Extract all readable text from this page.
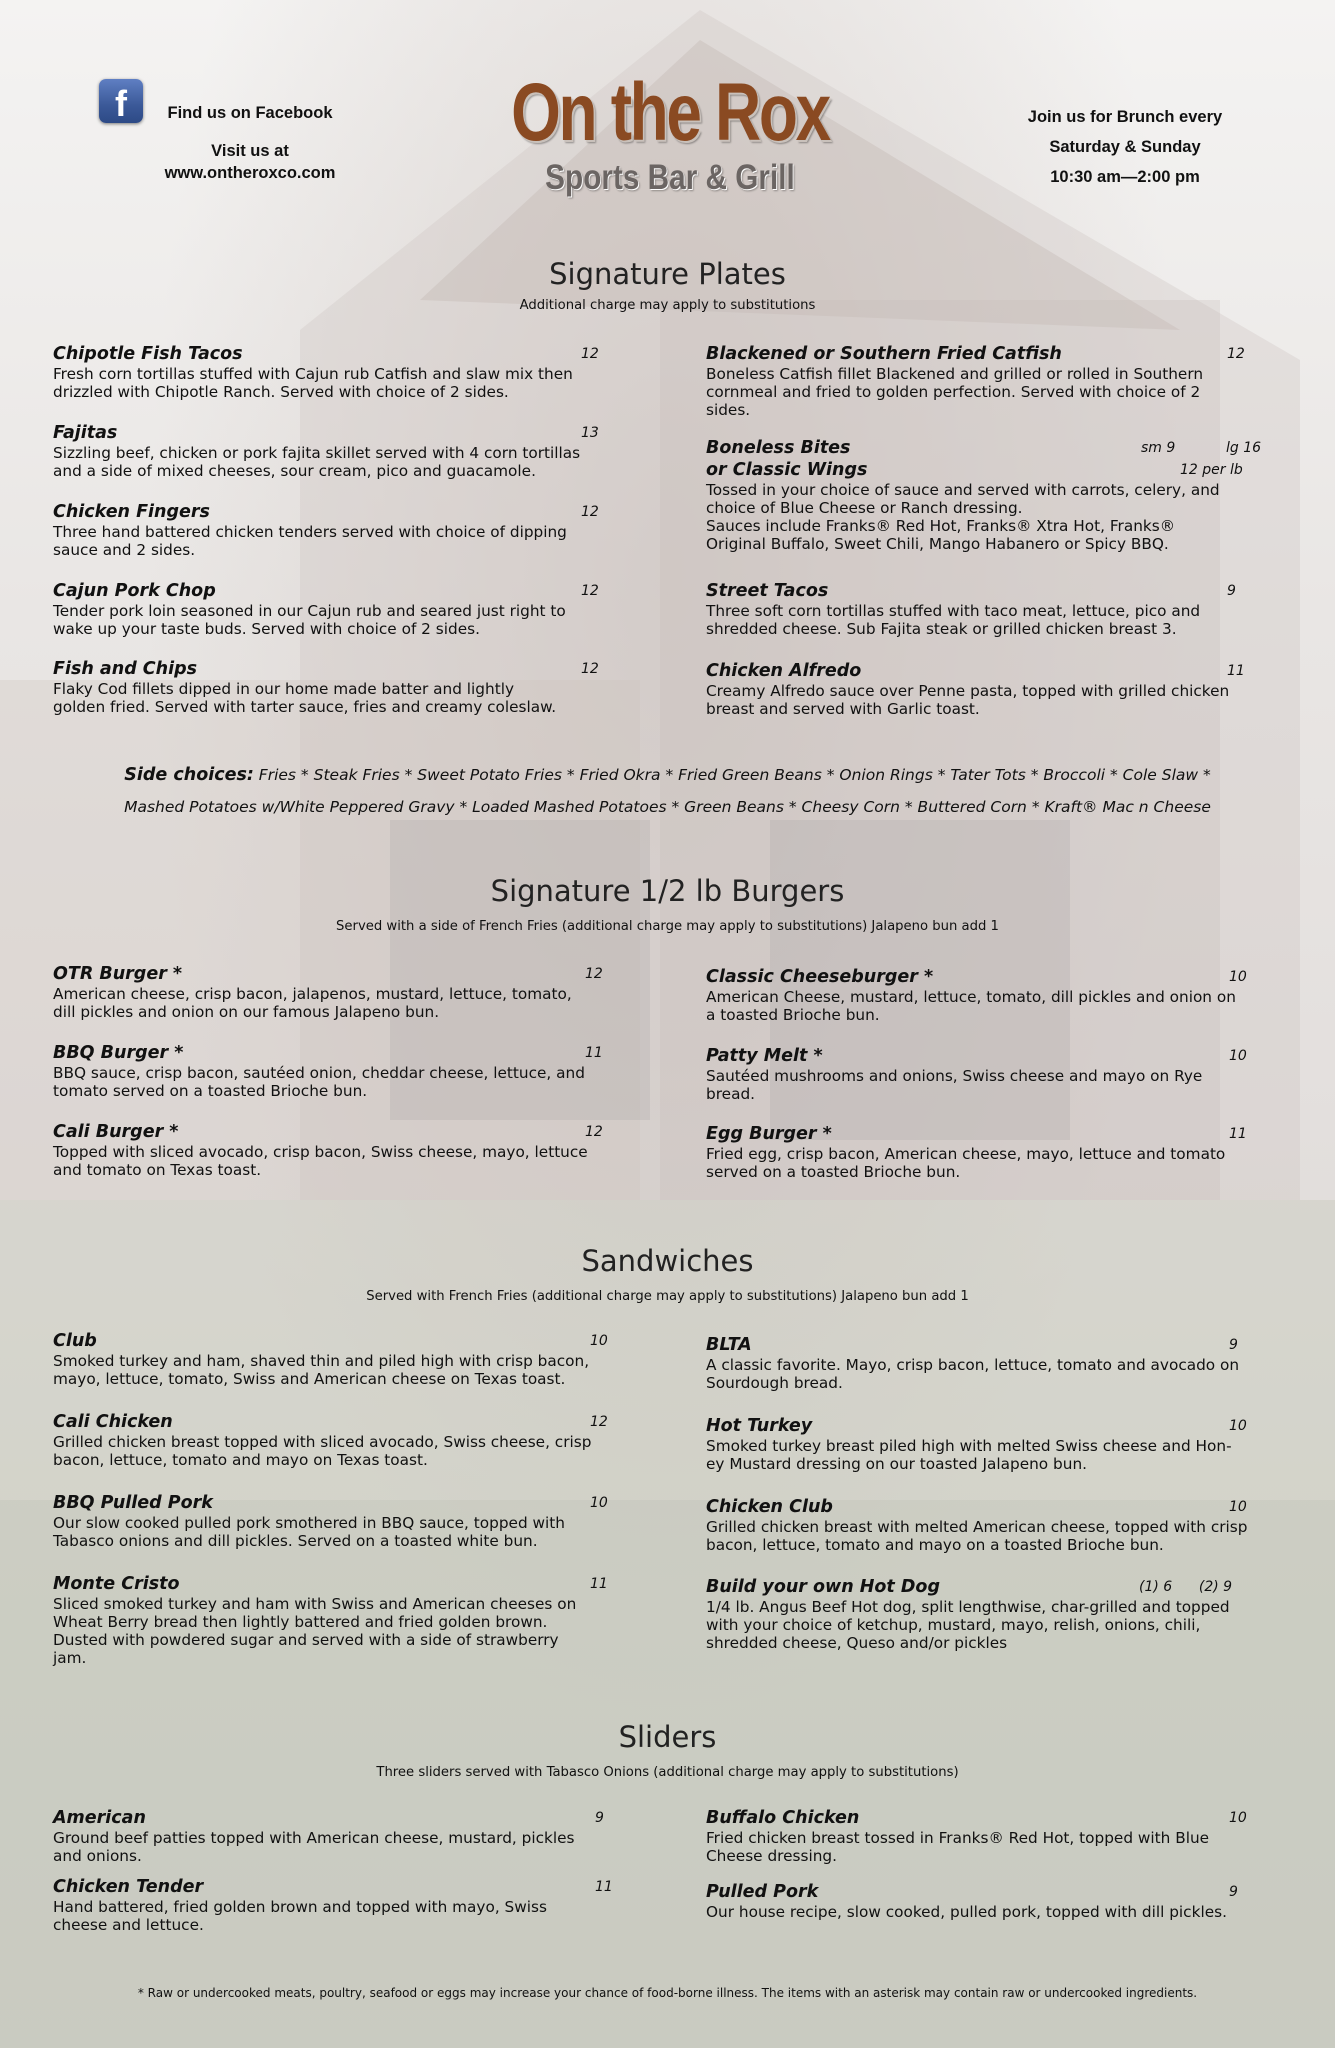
f	Find us on Facebook
Visit us at
www.ontheroxco.com
On the Rox
Sports Bar & Grill
Join us for Brunch every
Saturday & Sunday
10:30 am—2:00 pm
Signature Plates
Additional charge may apply to substitutions
Chipotle Fish Tacos	12
Fresh corn tortillas stuffed with Cajun rub Catfish and slaw mix then
drizzled with Chipotle Ranch. Served with choice of 2 sides.
Fajitas	13
Sizzling beef, chicken or pork fajita skillet served with 4 corn tortillas
and a side of mixed cheeses, sour cream, pico and guacamole.
Chicken Fingers	12
Three hand battered chicken tenders served with choice of dipping
sauce and 2 sides.
Cajun Pork Chop	12
Tender pork loin seasoned in our Cajun rub and seared just right to
wake up your taste buds. Served with choice of 2 sides.
Fish and Chips	12
Flaky Cod fillets dipped in our home made batter and lightly
golden fried. Served with tarter sauce, fries and creamy coleslaw.
Blackened or Southern Fried Catfish	12
Boneless Catfish fillet Blackened and grilled or rolled in Southern
cornmeal and fried to golden perfection. Served with choice of 2
sides.
Street Tacos	9
Three soft corn tortillas stuffed with taco meat, lettuce, pico and
shredded cheese. Sub Fajita steak or grilled chicken breast 3.
Chicken Alfredo	11
Creamy Alfredo sauce over Penne pasta, topped with grilled chicken
breast and served with Garlic toast.
Boneless Bites	sm 9	lg 16
or Classic Wings	12 per lb
Tossed in your choice of sauce and served with carrots, celery, and
choice of Blue Cheese or Ranch dressing.
Sauces include Franks® Red Hot, Franks® Xtra Hot, Franks®
Original Buffalo, Sweet Chili, Mango Habanero or Spicy BBQ.
Side choices: Fries * Steak Fries * Sweet Potato Fries * Fried Okra * Fried Green Beans * Onion Rings * Tater Tots * Broccoli * Cole Slaw *
Mashed Potatoes w/White Peppered Gravy * Loaded Mashed Potatoes * Green Beans * Cheesy Corn * Buttered Corn * Kraft® Mac n Cheese
Signature 1/2 lb Burgers
Served with a side of French Fries (additional charge may apply to substitutions) Jalapeno bun add 1
OTR Burger *	12
American cheese, crisp bacon, jalapenos, mustard, lettuce, tomato,
dill pickles and onion on our famous Jalapeno bun.
BBQ Burger *	11
BBQ sauce, crisp bacon, sautéed onion, cheddar cheese, lettuce, and
tomato served on a toasted Brioche bun.
Cali Burger *	12
Topped with sliced avocado, crisp bacon, Swiss cheese, mayo, lettuce
and tomato on Texas toast.
Classic Cheeseburger *	10
American Cheese, mustard, lettuce, tomato, dill pickles and onion on
a toasted Brioche bun.
Patty Melt *	10
Sautéed mushrooms and onions, Swiss cheese and mayo on Rye
bread.
Egg Burger *	11
Fried egg, crisp bacon, American cheese, mayo, lettuce and tomato
served on a toasted Brioche bun.
Sandwiches
Served with French Fries (additional charge may apply to substitutions) Jalapeno bun add 1
Club	10
Smoked turkey and ham, shaved thin and piled high with crisp bacon,
mayo, lettuce, tomato, Swiss and American cheese on Texas toast.
Cali Chicken	12
Grilled chicken breast topped with sliced avocado, Swiss cheese, crisp
bacon, lettuce, tomato and mayo on Texas toast.
BBQ Pulled Pork	10
Our slow cooked pulled pork smothered in BBQ sauce, topped with
Tabasco onions and dill pickles. Served on a toasted white bun.
Monte Cristo	11
Sliced smoked turkey and ham with Swiss and American cheeses on
Wheat Berry bread then lightly battered and fried golden brown.
Dusted with powdered sugar and served with a side of strawberry
jam.
BLTA	9
A classic favorite. Mayo, crisp bacon, lettuce, tomato and avocado on
Sourdough bread.
Hot Turkey	10
Smoked turkey breast piled high with melted Swiss cheese and Hon-
ey Mustard dressing on our toasted Jalapeno bun.
Chicken Club	10
Grilled chicken breast with melted American cheese, topped with crisp
bacon, lettuce, tomato and mayo on a toasted Brioche bun.
Build your own Hot Dog	(1) 6      (2) 9
1/4 lb. Angus Beef Hot dog, split lengthwise, char-grilled and topped
with your choice of ketchup, mustard, mayo, relish, onions, chili,
shredded cheese, Queso and/or pickles
Sliders
Three sliders served with Tabasco Onions (additional charge may apply to substitutions)
American	9
Ground beef patties topped with American cheese, mustard, pickles
and onions.
Chicken Tender	11
Hand battered, fried golden brown and topped with mayo, Swiss
cheese and lettuce.
Buffalo Chicken	10
Fried chicken breast tossed in Franks® Red Hot, topped with Blue
Cheese dressing.
Pulled Pork	9
Our house recipe, slow cooked, pulled pork, topped with dill pickles.
* Raw or undercooked meats, poultry, seafood or eggs may increase your chance of food-borne illness. The items with an asterisk may contain raw or undercooked ingredients.
